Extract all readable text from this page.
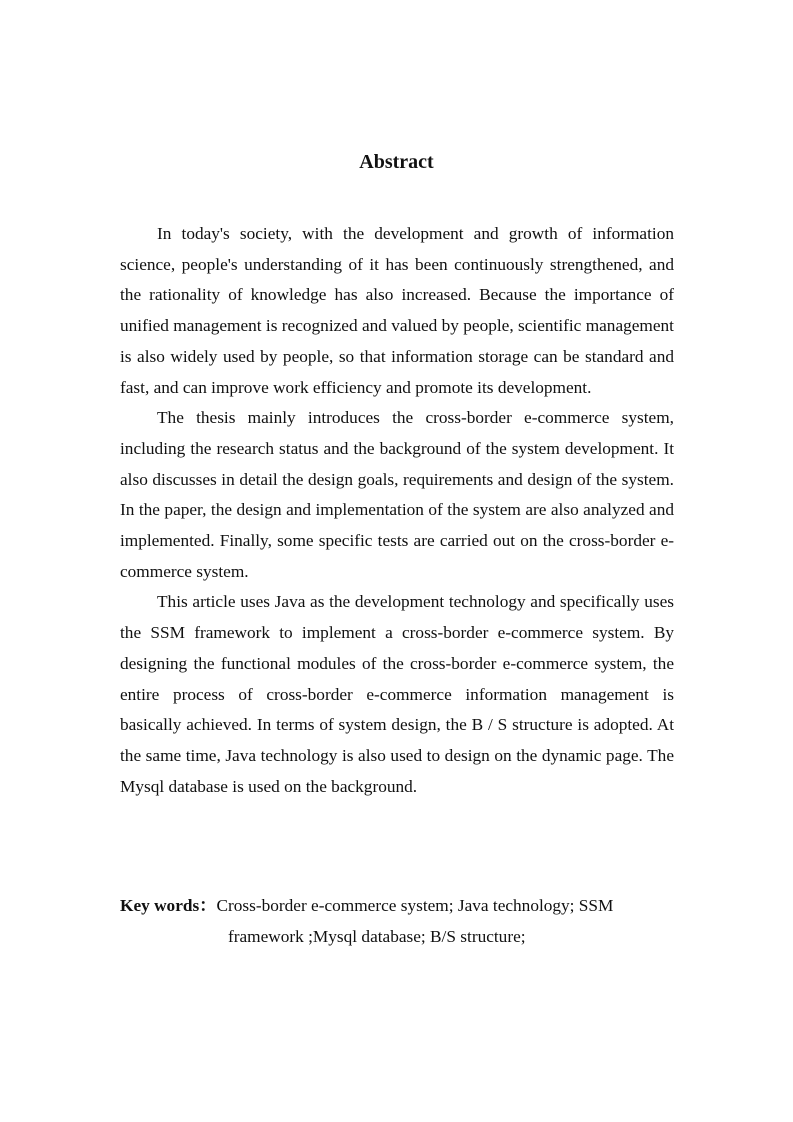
Abstract

In today's society, with the development and growth of information science, people's understanding of it has been continuously strengthened, and the rationality of knowledge has also increased. Because the importance of unified management is recognized and valued by people, scientific management is also widely used by people, so that information storage can be standard and fast, and can improve work efficiency and promote its development.

The thesis mainly introduces the cross-border e-commerce system, including the research status and the background of the system development. It also discusses in detail the design goals, requirements and design of the system. In the paper, the design and implementation of the system are also analyzed and implemented. Finally, some specific tests are carried out on the cross-border e-commerce system.

This article uses Java as the development technology and specifically uses the SSM framework to implement a cross-border e-commerce system. By designing the functional modules of the cross-border e-commerce system, the entire process of cross-border e-commerce information management is basically achieved. In terms of system design, the B / S structure is adopted. At the same time, Java technology is also used to design on the dynamic page. The Mysql database is used on the background.

Key words：Cross-border e-commerce system; Java technology; SSM
framework ;Mysql database; B/S structure;
